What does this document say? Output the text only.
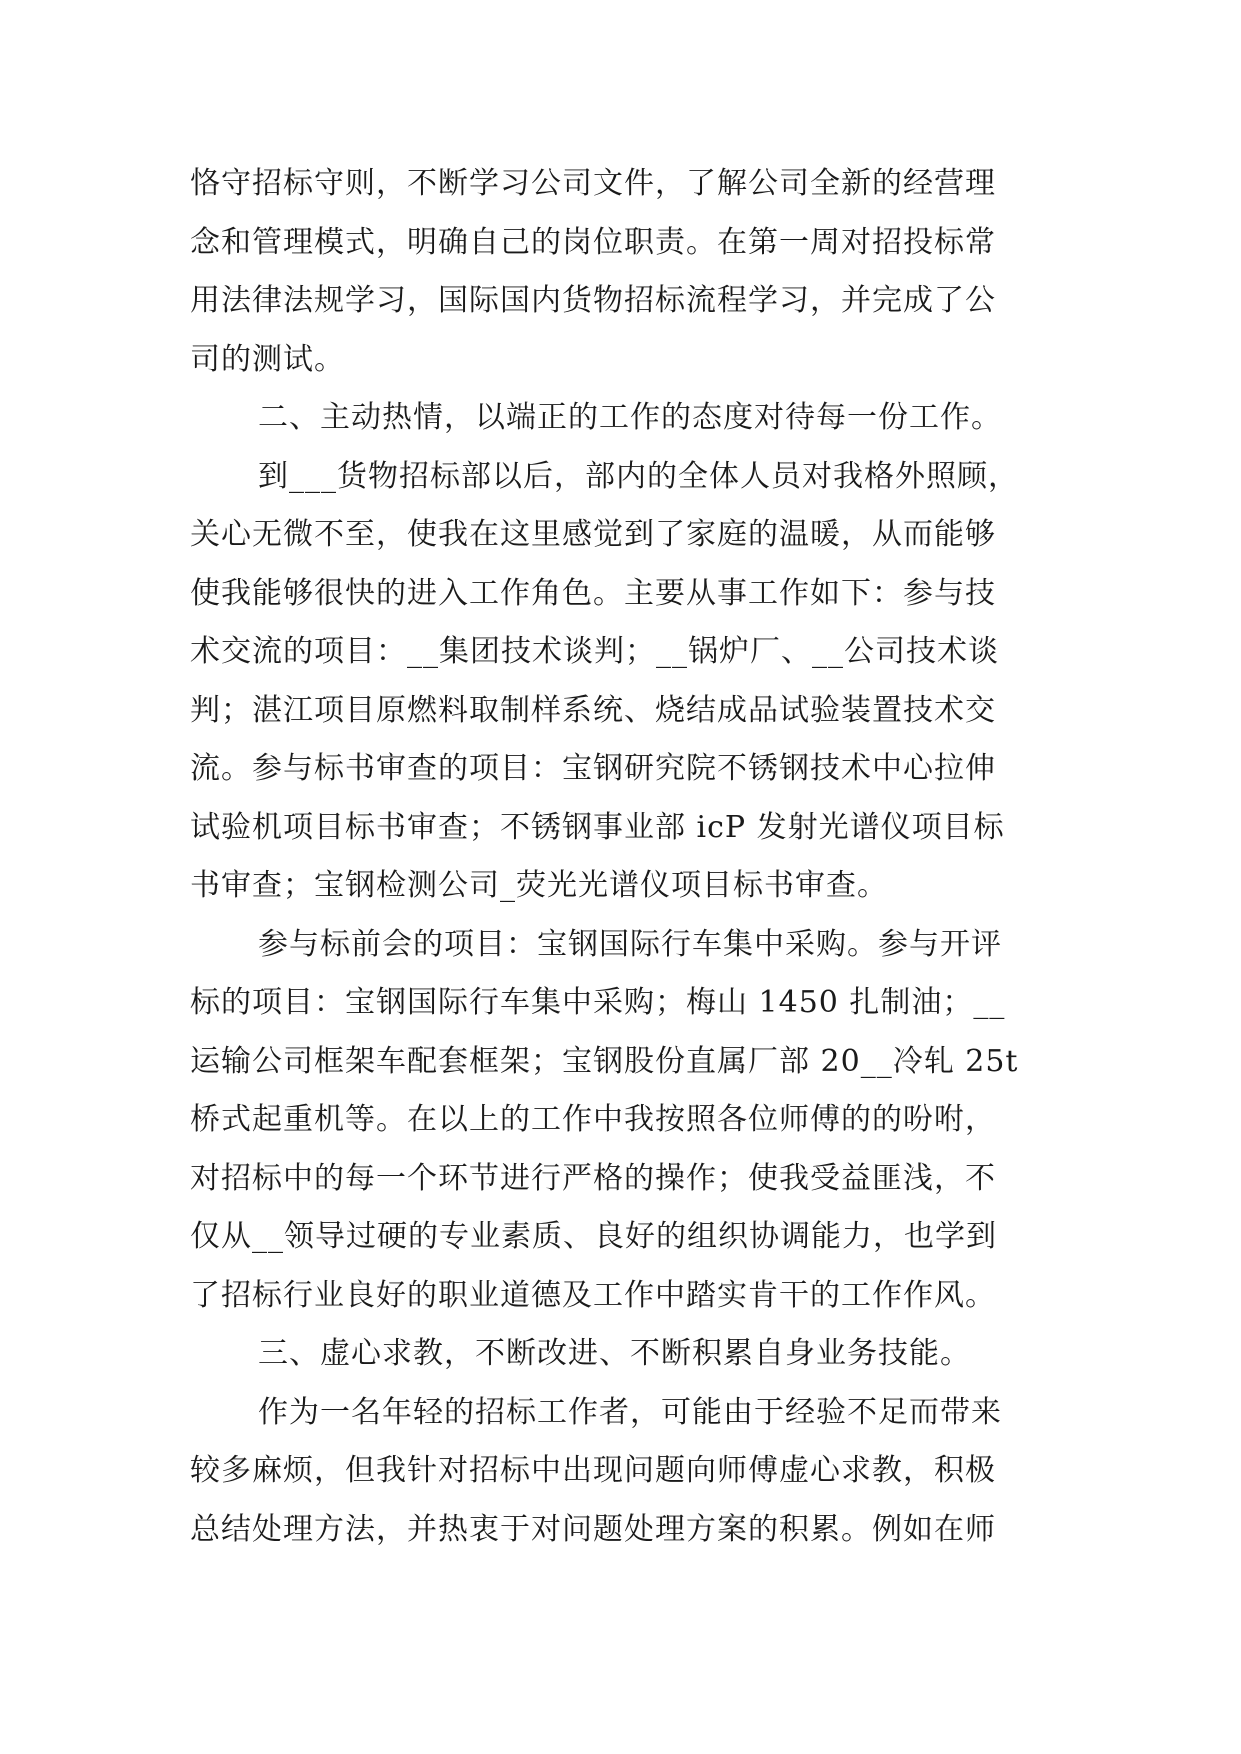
恪守招标守则，不断学习公司文件，了解公司全新的经营理
念和管理模式，明确自己的岗位职责。在第一周对招投标常
用法律法规学习，国际国内货物招标流程学习，并完成了公
司的测试。
二、主动热情，以端正的工作的态度对待每一份工作。
到___货物招标部以后，部内的全体人员对我格外照顾，
关心无微不至，使我在这里感觉到了家庭的温暖，从而能够
使我能够很快的进入工作角色。主要从事工作如下：参与技
术交流的项目：__集团技术谈判；__锅炉厂、__公司技术谈
判；湛江项目原燃料取制样系统、烧结成品试验装置技术交
流。参与标书审查的项目：宝钢研究院不锈钢技术中心拉伸
试验机项目标书审查；不锈钢事业部 icP 发射光谱仪项目标
书审查；宝钢检测公司_荧光光谱仪项目标书审查。
参与标前会的项目：宝钢国际行车集中采购。参与开评
标的项目：宝钢国际行车集中采购；梅山 1450 扎制油；__
运输公司框架车配套框架；宝钢股份直属厂部 20__冷轧 25t
桥式起重机等。在以上的工作中我按照各位师傅的的吩咐，
对招标中的每一个环节进行严格的操作；使我受益匪浅，不
仅从__领导过硬的专业素质、良好的组织协调能力，也学到
了招标行业良好的职业道德及工作中踏实肯干的工作作风。
三、虚心求教，不断改进、不断积累自身业务技能。
作为一名年轻的招标工作者，可能由于经验不足而带来
较多麻烦，但我针对招标中出现问题向师傅虚心求教，积极
总结处理方法，并热衷于对问题处理方案的积累。例如在师
